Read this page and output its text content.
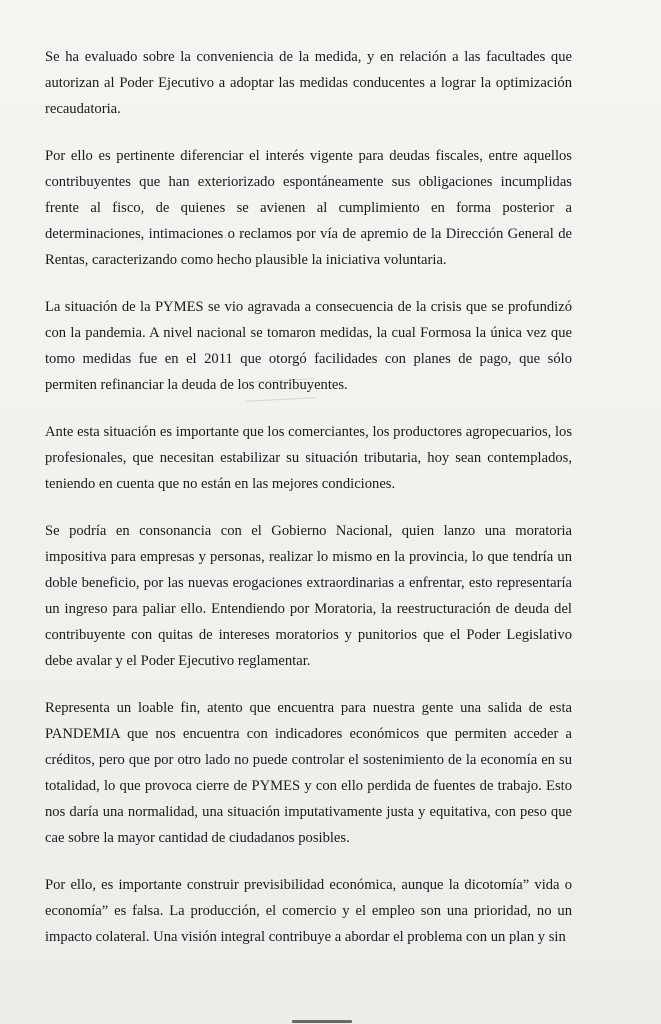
Se ha evaluado sobre la conveniencia de la medida, y en relación a las facultades que autorizan al Poder Ejecutivo a adoptar las medidas conducentes a lograr la optimización recaudatoria.

Por ello es pertinente diferenciar el interés vigente para deudas fiscales, entre aquellos contribuyentes que han exteriorizado espontáneamente sus obligaciones incumplidas frente al fisco, de quienes se avienen al cumplimiento en forma posterior a determinaciones, intimaciones o reclamos por vía de apremio de la Dirección General de Rentas, caracterizando como hecho plausible la iniciativa voluntaria.

La situación de la PYMES se vio agravada a consecuencia de la crisis que se profundizó con la pandemia. A nivel nacional se tomaron medidas, la cual Formosa la única vez que tomo medidas fue en el 2011 que otorgó facilidades con planes de pago, que sólo permiten refinanciar la deuda de los contribuyentes.

Ante esta situación es importante que los comerciantes, los productores agropecuarios, los profesionales, que necesitan estabilizar su situación tributaria, hoy sean contemplados, teniendo en cuenta que no están en las mejores condiciones.

Se podría en consonancia con el Gobierno Nacional, quien lanzo una moratoria impositiva para empresas y personas, realizar lo mismo en la provincia, lo que tendría un doble beneficio, por las nuevas erogaciones extraordinarias a enfrentar, esto representaría un ingreso para paliar ello. Entendiendo por Moratoria, la reestructuración de deuda del contribuyente con quitas de intereses moratorios y punitorios que el Poder Legislativo debe avalar y el Poder Ejecutivo reglamentar.

Representa un loable fin, atento que encuentra para nuestra gente una salida de esta PANDEMIA que nos encuentra con indicadores económicos que permiten acceder a créditos, pero que por otro lado no puede controlar el sostenimiento de la economía en su totalidad, lo que provoca cierre de PYMES y con ello perdida de fuentes de trabajo. Esto nos daría una normalidad, una situación imputativamente justa y equitativa, con peso que cae sobre la mayor cantidad de ciudadanos posibles.

Por ello, es importante construir previsibilidad económica, aunque la dicotomía” vida o economía” es falsa. La producción, el comercio y el empleo son una prioridad, no un impacto colateral. Una visión integral contribuye a abordar el problema con un plan y sin
